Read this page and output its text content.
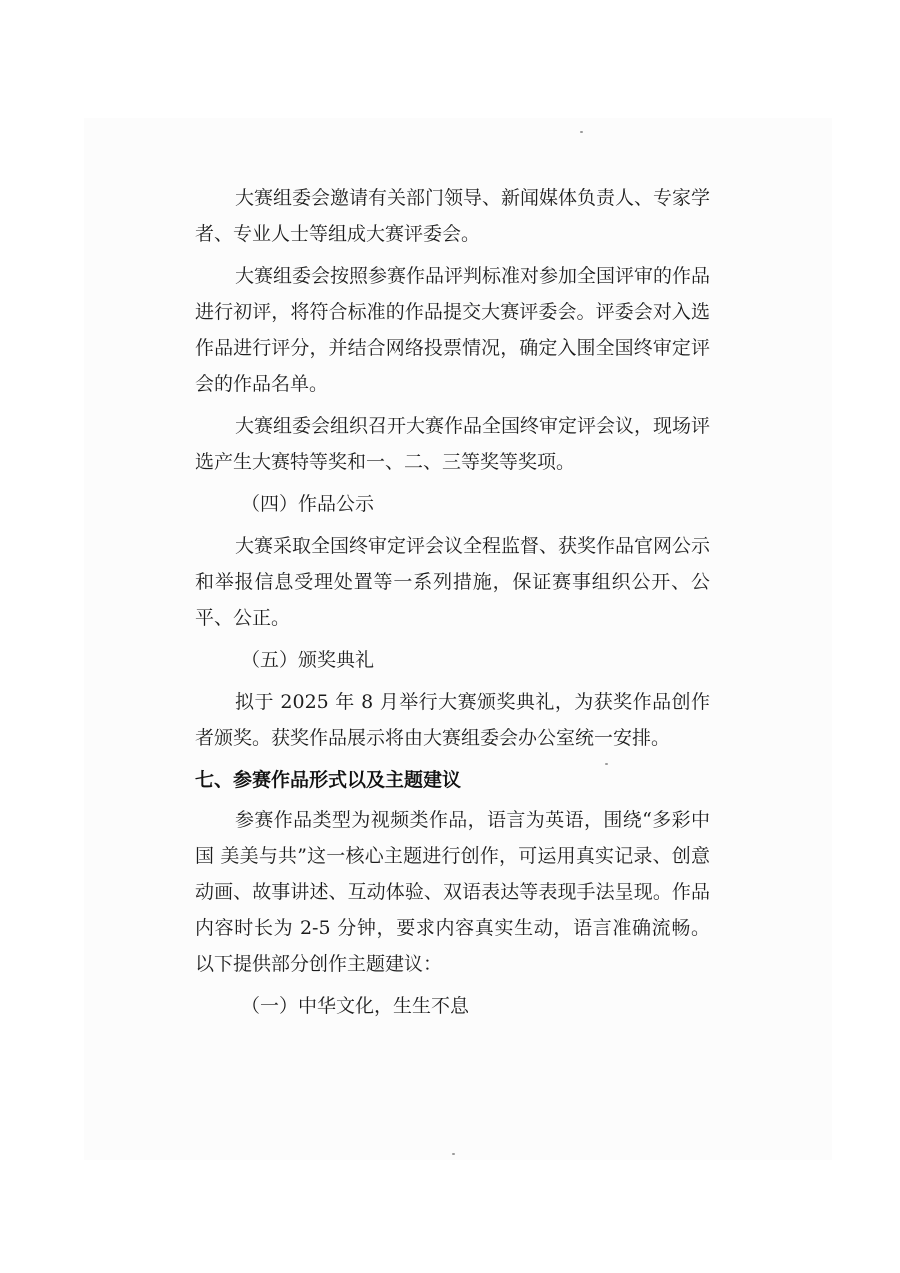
大赛组委会邀请有关部门领导、新闻媒体负责人、专家学者、专业人士等组成大赛评委会。

大赛组委会按照参赛作品评判标准对参加全国评审的作品进行初评，将符合标准的作品提交大赛评委会。评委会对入选作品进行评分，并结合网络投票情况，确定入围全国终审定评会的作品名单。

大赛组委会组织召开大赛作品全国终审定评会议，现场评选产生大赛特等奖和一、二、三等奖等奖项。

（四）作品公示

大赛采取全国终审定评会议全程监督、获奖作品官网公示和举报信息受理处置等一系列措施，保证赛事组织公开、公平、公正。

（五）颁奖典礼

拟于 2025 年 8 月举行大赛颁奖典礼，为获奖作品创作者颁奖。获奖作品展示将由大赛组委会办公室统一安排。

七、参赛作品形式以及主题建议

参赛作品类型为视频类作品，语言为英语，围绕“多彩中国 美美与共”这一核心主题进行创作，可运用真实记录、创意动画、故事讲述、互动体验、双语表达等表现手法呈现。作品内容时长为 2-5 分钟，要求内容真实生动，语言准确流畅。以下提供部分创作主题建议：

（一）中华文化，生生不息
